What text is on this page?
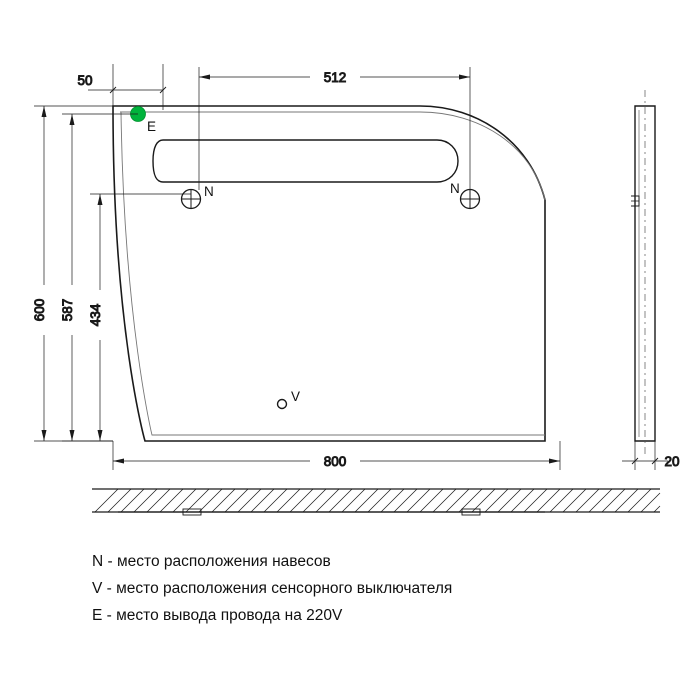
N	N
V
E
50	512
800
600 587 434
20
N - место расположения навесов
V - место расположения сенсорного выключателя
E - место вывода провода на 220V
